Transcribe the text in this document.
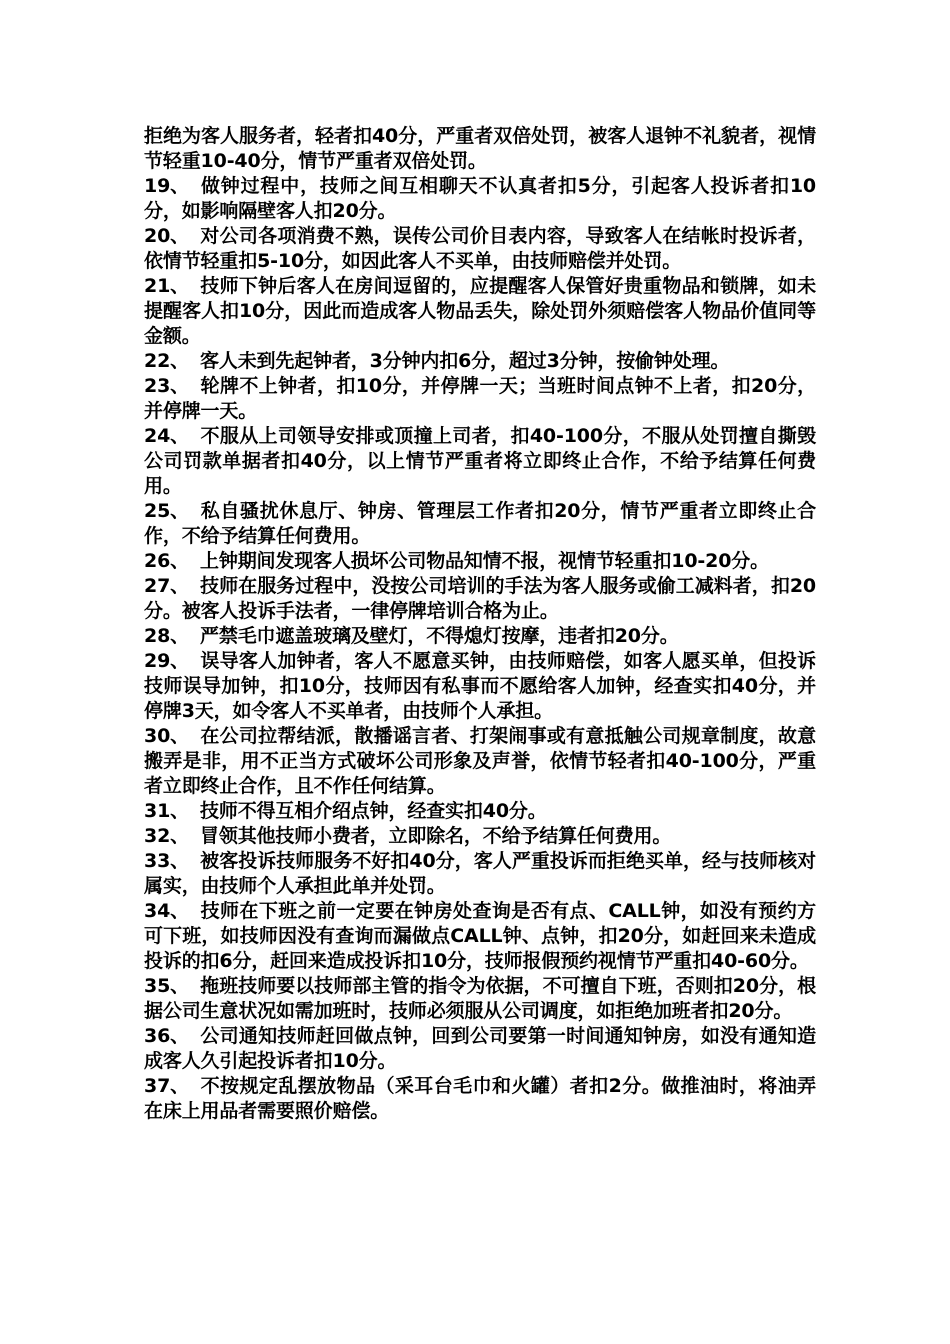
拒绝为客人服务者，轻者扣40分，严重者双倍处罚，被客人退钟不礼貌者，视情节轻重10-40分，情节严重者双倍处罚。

19、 做钟过程中，技师之间互相聊天不认真者扣5分，引起客人投诉者扣10分，如影响隔壁客人扣20分。

20、 对公司各项消费不熟，误传公司价目表内容，导致客人在结帐时投诉者，依情节轻重扣5-10分，如因此客人不买单，由技师赔偿并处罚。

21、 技师下钟后客人在房间逗留的，应提醒客人保管好贵重物品和锁牌，如未提醒客人扣10分，因此而造成客人物品丢失，除处罚外须赔偿客人物品价值同等金额。

22、 客人未到先起钟者，3分钟内扣6分，超过3分钟，按偷钟处理。

23、 轮牌不上钟者，扣10分，并停牌一天；当班时间点钟不上者，扣20分，并停牌一天。

24、 不服从上司领导安排或顶撞上司者，扣40-100分，不服从处罚擅自撕毁公司罚款单据者扣40分，以上情节严重者将立即终止合作，不给予结算任何费用。

25、 私自骚扰休息厅、钟房、管理层工作者扣20分，情节严重者立即终止合作，不给予结算任何费用。

26、 上钟期间发现客人损坏公司物品知情不报，视情节轻重扣10-20分。

27、 技师在服务过程中，没按公司培训的手法为客人服务或偷工减料者，扣20分。被客人投诉手法者，一律停牌培训合格为止。

28、 严禁毛巾遮盖玻璃及壁灯，不得熄灯按摩，违者扣20分。

29、 误导客人加钟者，客人不愿意买钟，由技师赔偿，如客人愿买单，但投诉技师误导加钟，扣10分，技师因有私事而不愿给客人加钟，经查实扣40分，并停牌3天，如令客人不买单者，由技师个人承担。

30、 在公司拉帮结派，散播谣言者、打架闹事或有意抵触公司规章制度，故意搬弄是非，用不正当方式破坏公司形象及声誉，依情节轻者扣40-100分，严重者立即终止合作，且不作任何结算。

31、 技师不得互相介绍点钟，经查实扣40分。

32、 冒领其他技师小费者，立即除名，不给予结算任何费用。

33、 被客投诉技师服务不好扣40分，客人严重投诉而拒绝买单，经与技师核对属实，由技师个人承担此单并处罚。

34、 技师在下班之前一定要在钟房处查询是否有点、CALL钟，如没有预约方可下班，如技师因没有查询而漏做点CALL钟、点钟，扣20分，如赶回来未造成投诉的扣6分，赶回来造成投诉扣10分，技师报假预约视情节严重扣40-60分。

35、 拖班技师要以技师部主管的指令为依据，不可擅自下班，否则扣20分，根据公司生意状况如需加班时，技师必须服从公司调度，如拒绝加班者扣20分。

36、 公司通知技师赶回做点钟，回到公司要第一时间通知钟房，如没有通知造成客人久引起投诉者扣10分。

37、 不按规定乱摆放物品（采耳台毛巾和火罐）者扣2分。做推油时，将油弄在床上用品者需要照价赔偿。
